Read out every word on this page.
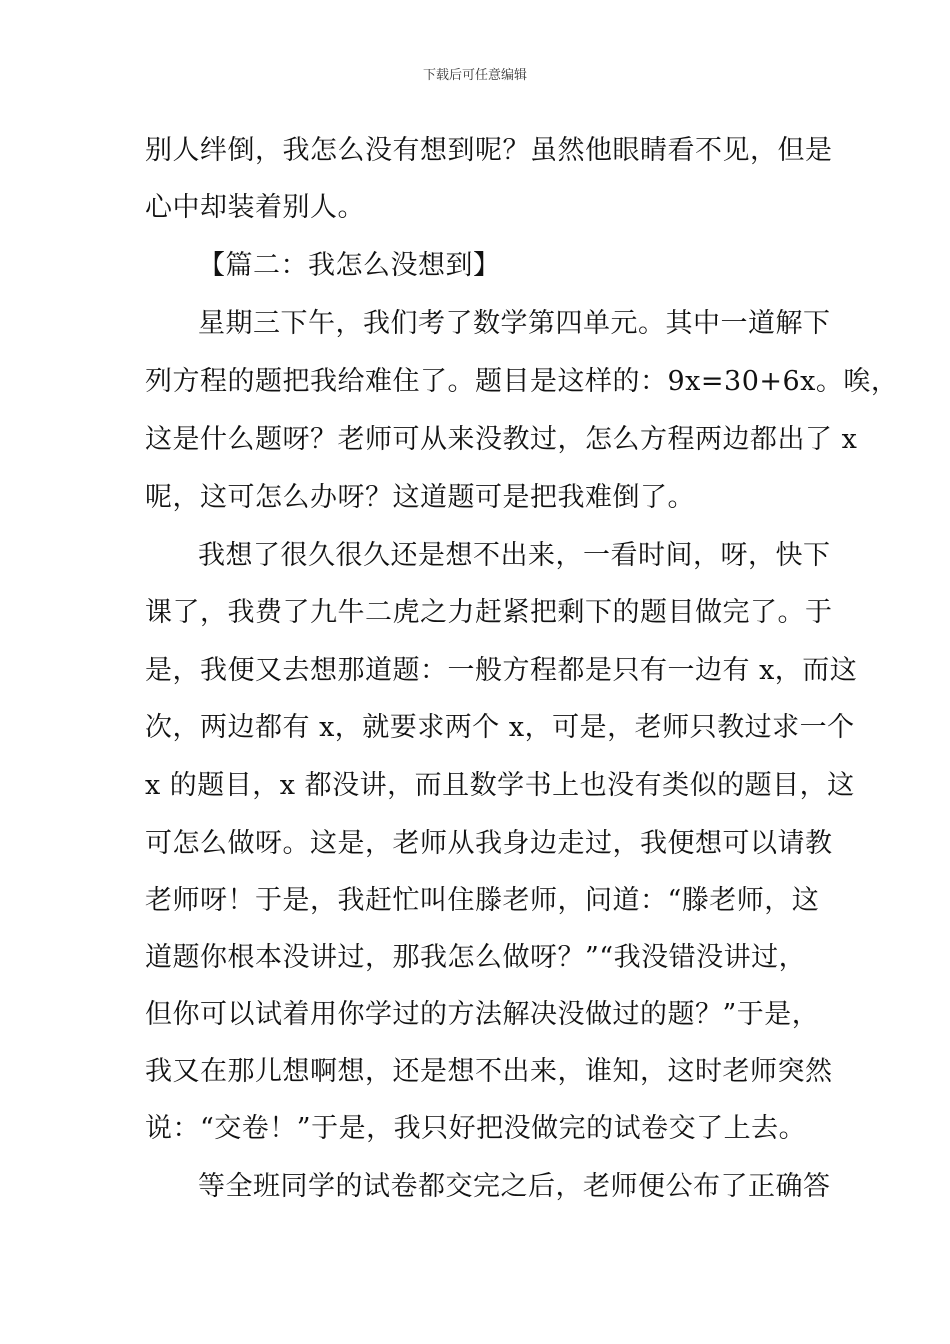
下载后可任意编辑
别人绊倒，我怎么没有想到呢？虽然他眼睛看不见，但是
心中却装着别人。
【篇二：我怎么没想到】
星期三下午，我们考了数学第四单元。其中一道解下
列方程的题把我给难住了。题目是这样的：9x=30+6x。唉，
这是什么题呀？老师可从来没教过，怎么方程两边都出了 x
呢，这可怎么办呀？这道题可是把我难倒了。
我想了很久很久还是想不出来，一看时间，呀，快下
课了，我费了九牛二虎之力赶紧把剩下的题目做完了。于
是，我便又去想那道题：一般方程都是只有一边有 x，而这
次，两边都有 x，就要求两个 x，可是，老师只教过求一个
x 的题目，x 都没讲，而且数学书上也没有类似的题目，这
可怎么做呀。这是，老师从我身边走过，我便想可以请教
老师呀！于是，我赶忙叫住滕老师，问道：“滕老师，这
道题你根本没讲过，那我怎么做呀？”“我没错没讲过，
但你可以试着用你学过的方法解决没做过的题？”于是，
我又在那儿想啊想，还是想不出来，谁知，这时老师突然
说：“交卷！”于是，我只好把没做完的试卷交了上去。
等全班同学的试卷都交完之后，老师便公布了正确答
